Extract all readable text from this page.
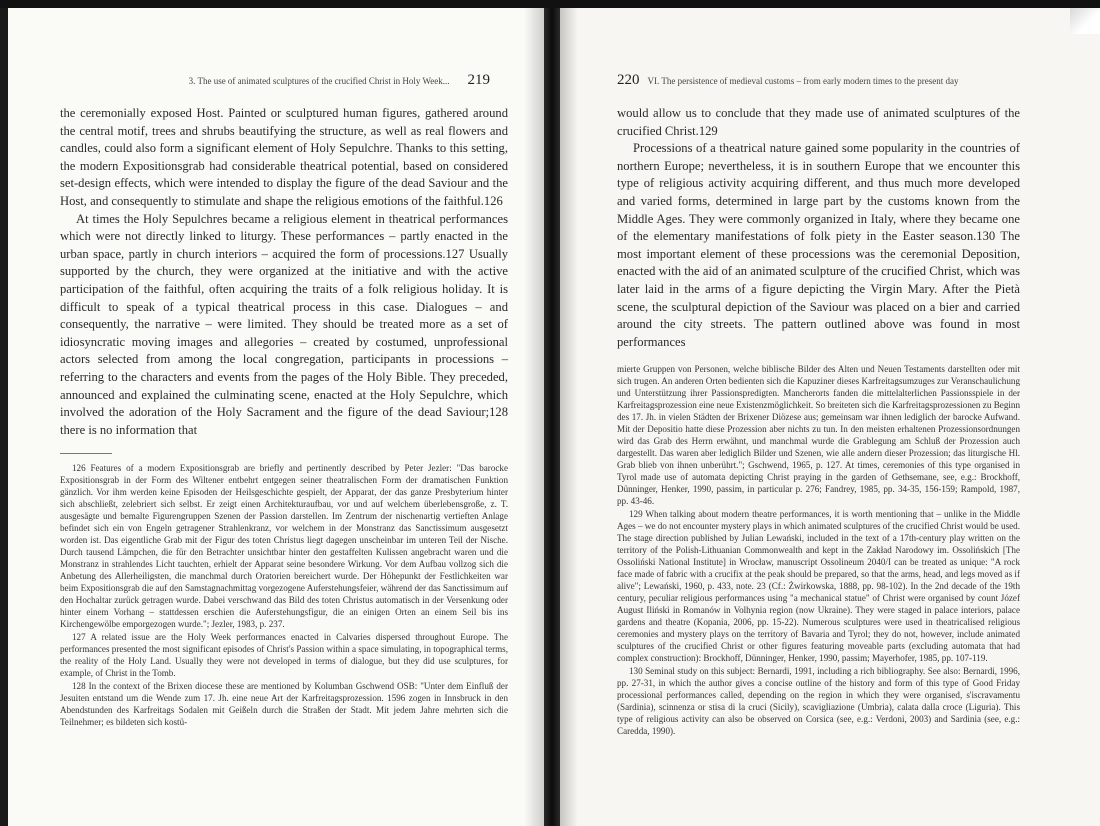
3. The use of animated sculptures of the crucified Christ in Holy Week... 219

the ceremonially exposed Host. Painted or sculptured human figures, gathered around the central motif, trees and shrubs beautifying the structure, as well as real flowers and candles, could also form a significant element of Holy Sepulchre. Thanks to this setting, the modern Expositionsgrab had considerable theatrical potential, based on considered set-design effects, which were intended to display the figure of the dead Saviour and the Host, and consequently to stimulate and shape the religious emotions of the faithful.126

At times the Holy Sepulchres became a religious element in theatrical performances which were not directly linked to liturgy. These performances – partly enacted in the urban space, partly in church interiors – acquired the form of processions.127 Usually supported by the church, they were organized at the initiative and with the active participation of the faithful, often acquiring the traits of a folk religious holiday. It is difficult to speak of a typical theatrical process in this case. Dialogues – and consequently, the narrative – were limited. They should be treated more as a set of idiosyncratic moving images and allegories – created by costumed, unprofessional actors selected from among the local congregation, participants in processions – referring to the characters and events from the pages of the Holy Bible. They preceded, announced and explained the culminating scene, enacted at the Holy Sepulchre, which involved the adoration of the Holy Sacrament and the figure of the dead Saviour;128 there is no information that

126 Features of a modern Expositionsgrab are briefly and pertinently described by Peter Jezler: "Das barocke Expositionsgrab in der Form des Wiltener entbehrt entgegen seiner theatralischen Form der dramatischen Funktion gänzlich. Vor ihm werden keine Episoden der Heilsgeschichte gespielt, der Apparat, der das ganze Presbyterium hinter sich abschließt, zelebriert sich selbst. Er zeigt einen Architekturaufbau, vor und auf welchem überlebensgroße, z. T. ausgesägte und bemalte Figurengruppen Szenen der Passion darstellen. Im Zentrum der nischenartig vertieften Anlage befindet sich ein von Engeln getragener Strahlenkranz, vor welchem in der Monstranz das Sanctissimum ausgesetzt worden ist. Das eigentliche Grab mit der Figur des toten Christus liegt dagegen unscheinbar im unteren Teil der Nische. Durch tausend Lämpchen, die für den Betrachter unsichtbar hinter den gestaffelten Kulissen angebracht waren und die Monstranz in strahlendes Licht tauchten, erhielt der Apparat seine besondere Wirkung. Vor dem Aufbau vollzog sich die Anbetung des Allerheiligsten, die manchmal durch Oratorien bereichert wurde. Der Höhepunkt der Festlichkeiten war beim Expositionsgrab die auf den Samstagnachmittag vorgezogene Auferstehungsfeier, während der das Sanctissimum auf den Hochaltar zurück getragen wurde. Dabei verschwand das Bild des toten Christus automatisch in der Versenkung oder hinter einem Vorhang – stattdessen erschien die Auferstehungsfigur, die an einigen Orten an einem Seil bis ins Kirchengewölbe emporgezogen wurde."; Jezler, 1983, p. 237.

127 A related issue are the Holy Week performances enacted in Calvaries dispersed throughout Europe. The performances presented the most significant episodes of Christ's Passion within a space simulating, in topographical terms, the reality of the Holy Land. Usually they were not developed in terms of dialogue, but they did use sculptures, for example, of Christ in the Tomb.

128 In the context of the Brixen diocese these are mentioned by Kolumban Gschwend OSB: "Unter dem Einfluß der Jesuiten entstand um die Wende zum 17. Jh. eine neue Art der Karfreitagsprozession. 1596 zogen in Innsbruck in den Abendstunden des Karfreitags Sodalen mit Geißeln durch die Straßen der Stadt. Mit jedem Jahre mehrten sich die Teilnehmer; es bildeten sich kostü-

220 VI. The persistence of medieval customs – from early modern times to the present day

would allow us to conclude that they made use of animated sculptures of the crucified Christ.129

Processions of a theatrical nature gained some popularity in the countries of northern Europe; nevertheless, it is in southern Europe that we encounter this type of religious activity acquiring different, and thus much more developed and varied forms, determined in large part by the customs known from the Middle Ages. They were commonly organized in Italy, where they became one of the elementary manifestations of folk piety in the Easter season.130 The most important element of these processions was the ceremonial Deposition, enacted with the aid of an animated sculpture of the crucified Christ, which was later laid in the arms of a figure depicting the Virgin Mary. After the Pietà scene, the sculptural depiction of the Saviour was placed on a bier and carried around the city streets. The pattern outlined above was found in most performances

mierte Gruppen von Personen, welche biblische Bilder des Alten und Neuen Testaments darstellten oder mit sich trugen. An anderen Orten bedienten sich die Kapuziner dieses Karfreitagsumzuges zur Veranschaulichung und Unterstützung ihrer Passionspredigten. Mancherorts fanden die mittelalterlichen Passionsspiele in der Karfreitagsprozession eine neue Existenzmöglichkeit. So breiteten sich die Karfreitagsprozessionen zu Beginn des 17. Jh. in vielen Städten der Brixener Diözese aus; gemeinsam war ihnen lediglich der barocke Aufwand. Mit der Depositio hatte diese Prozession aber nichts zu tun. In den meisten erhaltenen Prozessionsordnungen wird das Grab des Herrn erwähnt, und manchmal wurde die Grablegung am Schluß der Prozession auch dargestellt. Das waren aber lediglich Bilder und Szenen, wie alle andern dieser Prozession; das liturgische Hl. Grab blieb von ihnen unberührt."; Gschwend, 1965, p. 127. At times, ceremonies of this type organised in Tyrol made use of automata depicting Christ praying in the garden of Gethsemane, see, e.g.: Brockhoff, Dünninger, Henker, 1990, passim, in particular p. 276; Fandrey, 1985, pp. 34-35, 156-159; Rampold, 1987, pp. 43-46.

129 When talking about modern theatre performances, it is worth mentioning that – unlike in the Middle Ages – we do not encounter mystery plays in which animated sculptures of the crucified Christ would be used. The stage direction published by Julian Lewański, included in the text of a 17th-century play written on the territory of the Polish-Lithuanian Commonwealth and kept in the Zakład Narodowy im. Ossolińskich [The Ossoliński National Institute] in Wrocław, manuscript Ossolineum 2040/I can be treated as unique: "A rock face made of fabric with a crucifix at the peak should be prepared, so that the arms, head, and legs moved as if alive"; Lewański, 1960, p. 433, note. 23 (Cf.: Żwirkowska, 1888, pp. 98-102). In the 2nd decade of the 19th century, peculiar religious performances using "a mechanical statue" of Christ were organised by count Józef August Iliński in Romanów in Volhynia region (now Ukraine). They were staged in palace interiors, palace gardens and theatre (Kopania, 2006, pp. 15-22). Numerous sculptures were used in theatricalised religious ceremonies and mystery plays on the territory of Bavaria and Tyrol; they do not, however, include animated sculptures of the crucified Christ or other figures featuring moveable parts (excluding automata that had complex construction): Brockhoff, Dünninger, Henker, 1990, passim; Mayerhofer, 1985, pp. 107-119.

130 Seminal study on this subject: Bernardi, 1991, including a rich bibliography. See also: Bernardi, 1996, pp. 27-31, in which the author gives a concise outline of the history and form of this type of Good Friday processional performances called, depending on the region in which they were organised, s'iscravamentu (Sardinia), scinnenza or stisa di la cruci (Sicily), scavigliazione (Umbria), calata dalla croce (Liguria). This type of religious activity can also be observed on Corsica (see, e.g.: Verdoni, 2003) and Sardinia (see, e.g.: Caredda, 1990).
